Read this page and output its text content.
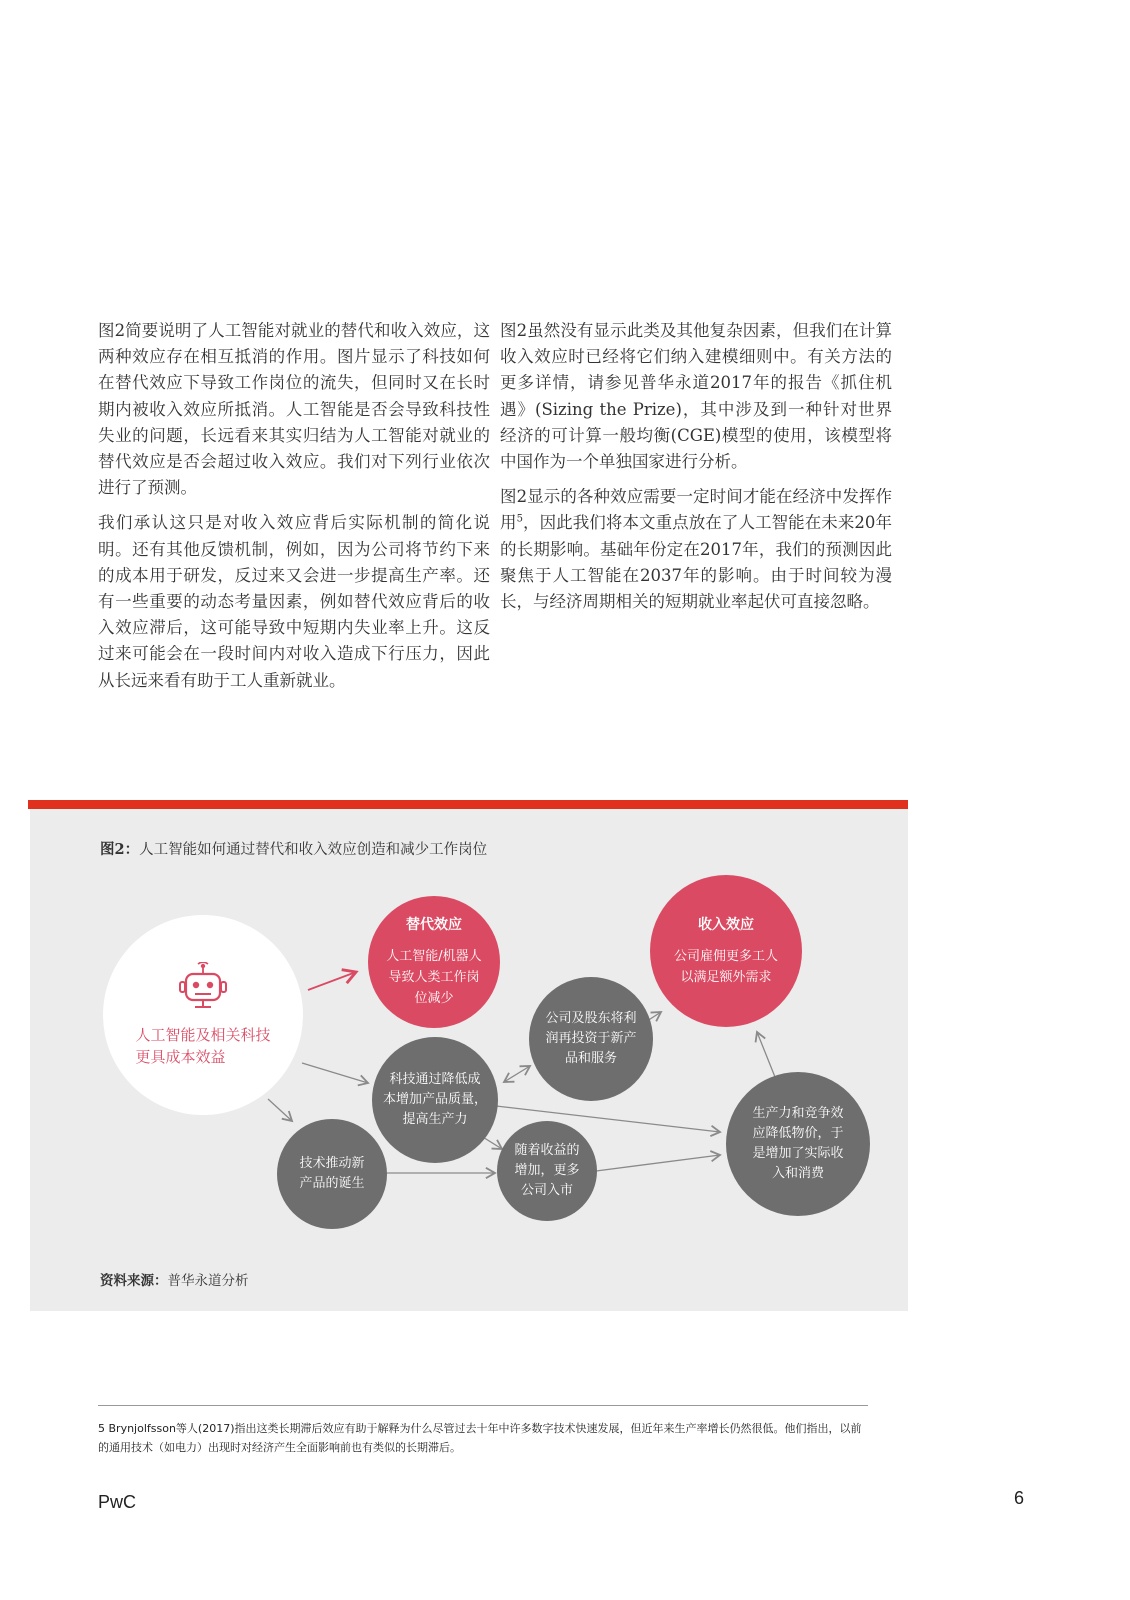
图2简要说明了人工智能对就业的替代和收入效应，这两种效应存在相互抵消的作用。图片显示了科技如何在替代效应下导致工作岗位的流失，但同时又在长时期内被收入效应所抵消。人工智能是否会导致科技性失业的问题，长远看来其实归结为人工智能对就业的替代效应是否会超过收入效应。我们对下列行业依次进行了预测。

我们承认这只是对收入效应背后实际机制的简化说明。还有其他反馈机制，例如，因为公司将节约下来的成本用于研发，反过来又会进一步提高生产率。还有一些重要的动态考量因素，例如替代效应背后的收入效应滞后，这可能导致中短期内失业率上升。这反过来可能会在一段时间内对收入造成下行压力，因此从长远来看有助于工人重新就业。

图2虽然没有显示此类及其他复杂因素，但我们在计算收入效应时已经将它们纳入建模细则中。有关方法的更多详情，请参见普华永道2017年的报告《抓住机遇》(Sizing the Prize)，其中涉及到一种针对世界经济的可计算一般均衡(CGE)模型的使用，该模型将中国作为一个单独国家进行分析。

图2显示的各种效应需要一定时间才能在经济中发挥作用$^5$，因此我们将本文重点放在了人工智能在未来20年的长期影响。基础年份定在2017年，我们的预测因此聚焦于人工智能在2037年的影响。由于时间较为漫长，与经济周期相关的短期就业率起伏可直接忽略。

图2：人工智能如何通过替代和收入效应创造和减少工作岗位
人工智能及相关科技
更具成本效益
替代效应
人工智能/机器人
导致人类工作岗
位减少
收入效应
公司雇佣更多工人
以满足额外需求
公司及股东将利
润再投资于新产
品和服务
科技通过降低成
本增加产品质量，
提高生产力
技术推动新
产品的诞生
随着收益的
增加，更多
公司入市
生产力和竞争效
应降低物价，于
是增加了实际收
入和消费
资料来源：普华永道分析
5 Brynjolfsson等人(2017)指出这类长期滞后效应有助于解释为什么尽管过去十年中许多数字技术快速发展，但近年来生产率增长仍然很低。他们指出，以前的通用技术（如电力）出现时对经济产生全面影响前也有类似的长期滞后。
PwC	6
